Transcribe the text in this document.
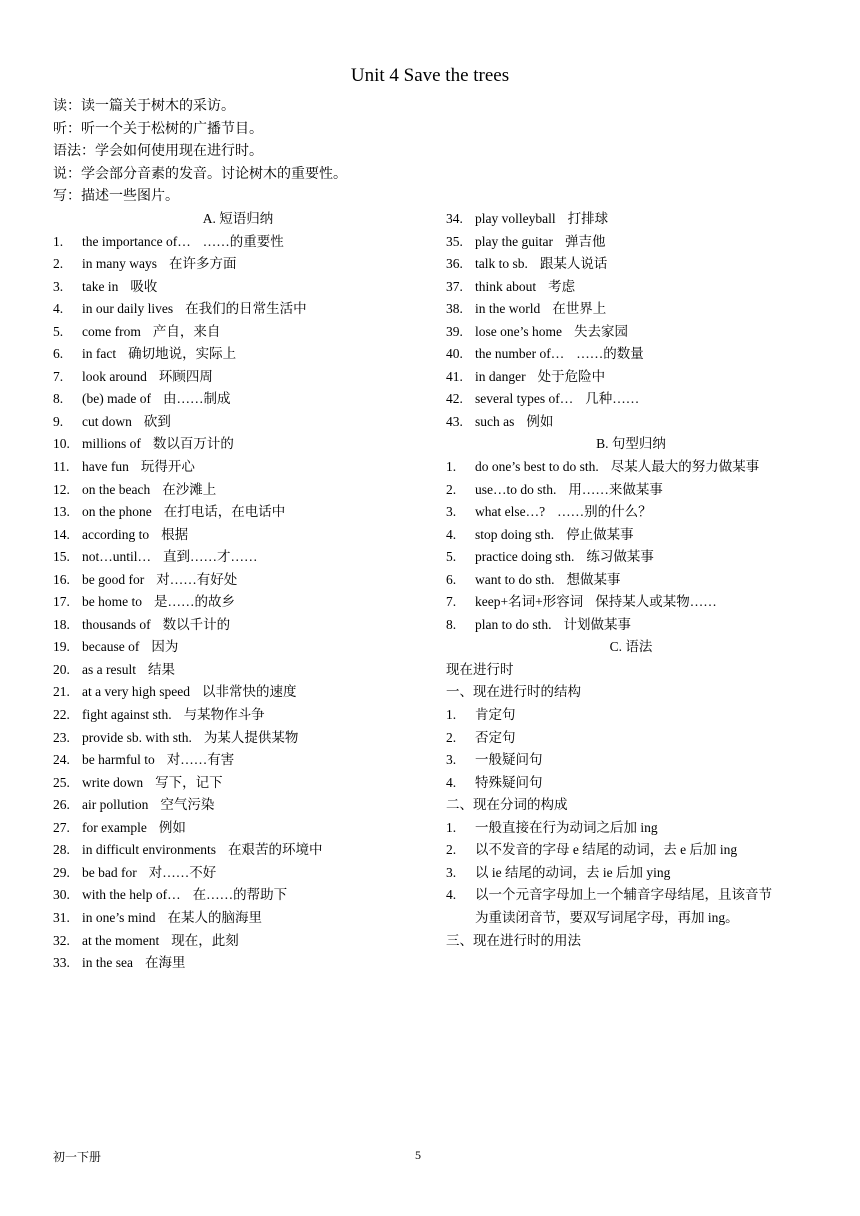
Unit 4 Save the trees
读：读一篇关于树木的采访。
听：听一个关于松树的广播节目。
语法：学会如何使用现在进行时。
说：学会部分音素的发音。讨论树木的重要性。
写：描述一些图片。
A. 短语归纳
1. the importance of… ……的重要性
2. in many ways 在许多方面
3. take in 吸收
4. in our daily lives 在我们的日常生活中
5. come from 产自，来自
6. in fact 确切地说，实际上
7. look around 环顾四周
8. (be) made of 由……制成
9. cut down 砍到
10. millions of 数以百万计的
11. have fun 玩得开心
12. on the beach 在沙滩上
13. on the phone 在打电话，在电话中
14. according to 根据
15. not…until… 直到……才……
16. be good for 对……有好处
17. be home to 是……的故乡
18. thousands of 数以千计的
19. because of 因为
20. as a result 结果
21. at a very high speed 以非常快的速度
22. fight against sth. 与某物作斗争
23. provide sb. with sth. 为某人提供某物
24. be harmful to 对……有害
25. write down 写下，记下
26. air pollution 空气污染
27. for example 例如
28. in difficult environments 在艰苦的环境中
29. be bad for 对……不好
30. with the help of… 在……的帮助下
31. in one’s mind 在某人的脑海里
32. at the moment 现在，此刻
33. in the sea 在海里
34. play volleyball 打排球
35. play the guitar 弹吉他
36. talk to sb. 跟某人说话
37. think about 考虑
38. in the world 在世界上
39. lose one’s home 失去家园
40. the number of… ……的数量
41. in danger 处于危险中
42. several types of… 几种……
43. such as 例如
B. 句型归纳
1. do one’s best to do sth. 尽某人最大的努力做某事
2. use…to do sth. 用……来做某事
3. what else…? ……别的什么？
4. stop doing sth. 停止做某事
5. practice doing sth. 练习做某事
6. want to do sth. 想做某事
7. keep+名词+形容词 保持某人或某物……
8. plan to do sth. 计划做某事
C. 语法
现在进行时
一、现在进行时的结构
1. 肯定句
2. 否定句
3. 一般疑问句
4. 特殊疑问句
二、现在分词的构成
1. 一般直接在行为动词之后加 ing
2. 以不发音的字母 e 结尾的动词，去 e 后加 ing
3. 以 ie 结尾的动词，去 ie 后加 ying
4. 以一个元音字母加上一个辅音字母结尾，且该音节
为重读闭音节，要双写词尾字母，再加 ing。
三、现在进行时的用法
初一下册	5
